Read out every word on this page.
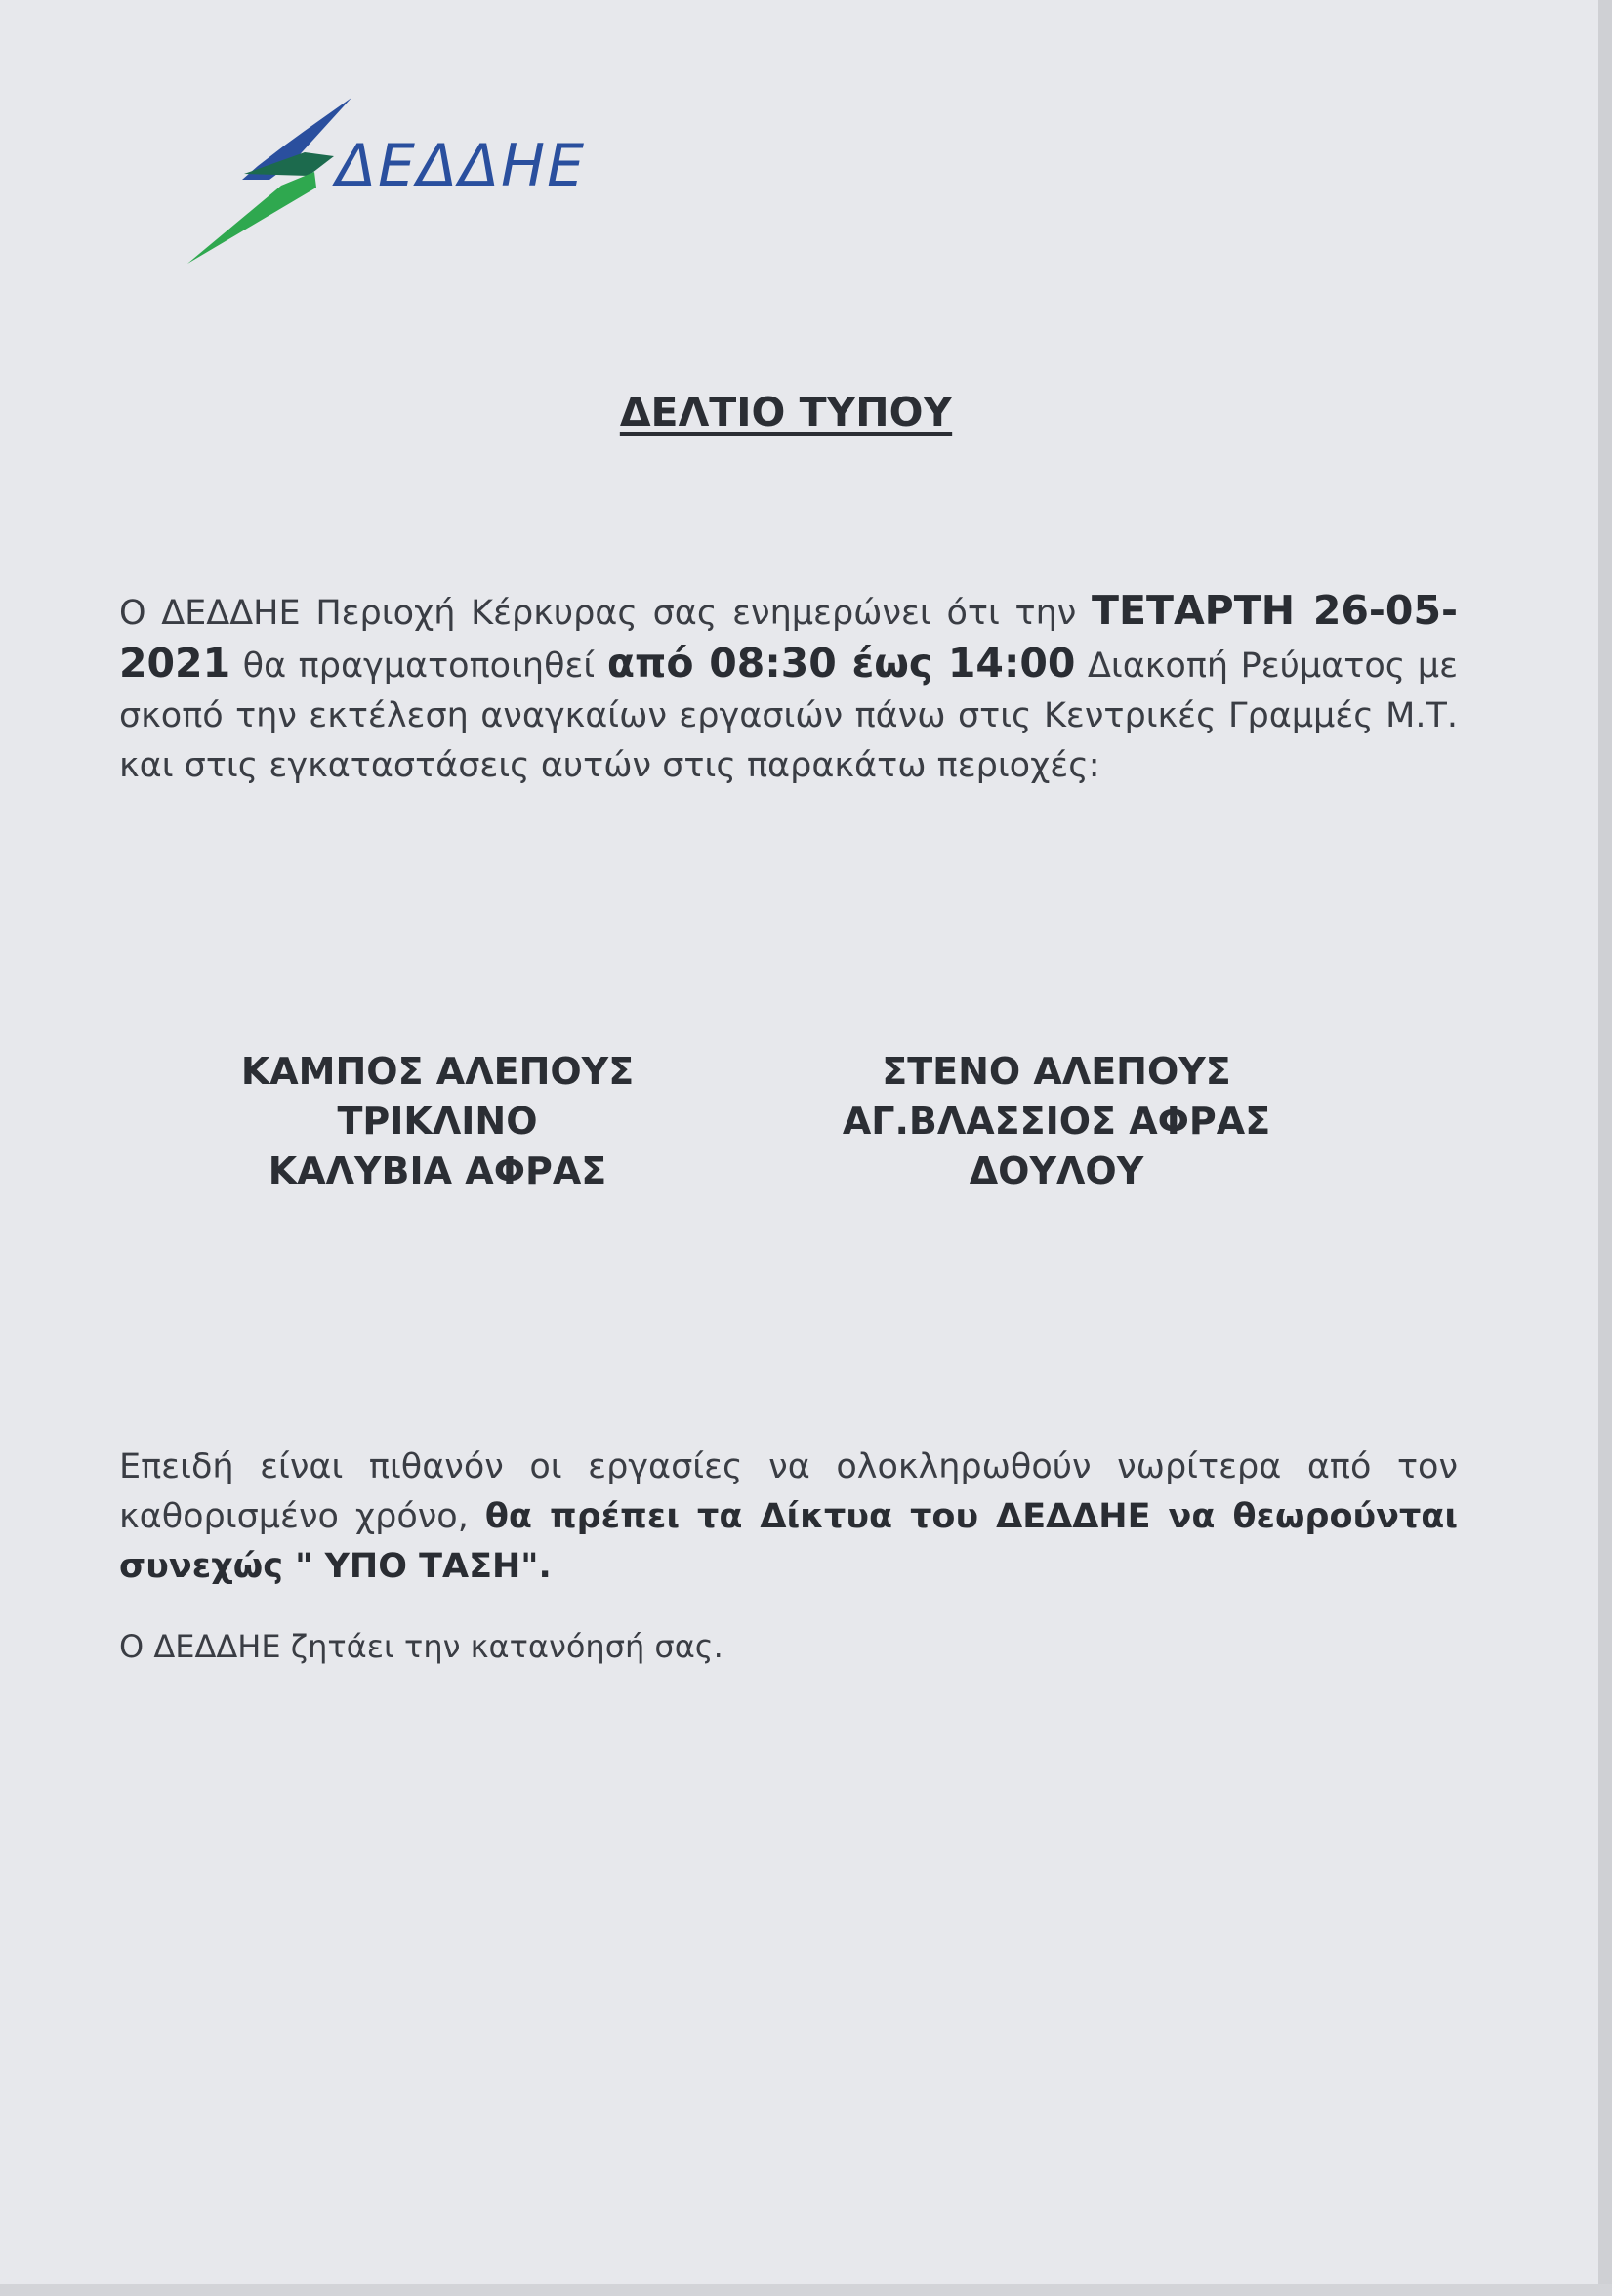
ΔΕΔΔΗΕ
ΔΕΛΤΙΟ ΤΥΠΟΥ
Ο ΔΕΔΔΗΕ Περιοχή Κέρκυρας σας ενημερώνει ότι την ΤΕΤΑΡΤΗ 26-05-2021 θα πραγματοποιηθεί από 08:30 έως 14:00 Διακοπή Ρεύματος με σκοπό την εκτέλεση αναγκαίων εργασιών πάνω στις Κεντρικές Γραμμές Μ.Τ. και στις εγκαταστάσεις αυτών στις παρακάτω περιοχές:
ΚΑΜΠΟΣ ΑΛΕΠΟΥΣ
ΤΡΙΚΛΙΝΟ
ΚΑΛΥΒΙΑ ΑΦΡΑΣ
ΣΤΕΝΟ ΑΛΕΠΟΥΣ
ΑΓ.ΒΛΑΣΣΙΟΣ ΑΦΡΑΣ
ΔΟΥΛΟΥ
Επειδή είναι πιθανόν οι εργασίες να ολοκληρωθούν νωρίτερα από τον καθορισμένο χρόνο, θα πρέπει τα Δίκτυα του ΔΕΔΔΗΕ να θεωρούνται συνεχώς " ΥΠΟ ΤΑΣΗ".
Ο ΔΕΔΔΗΕ ζητάει την κατανόησή σας.
